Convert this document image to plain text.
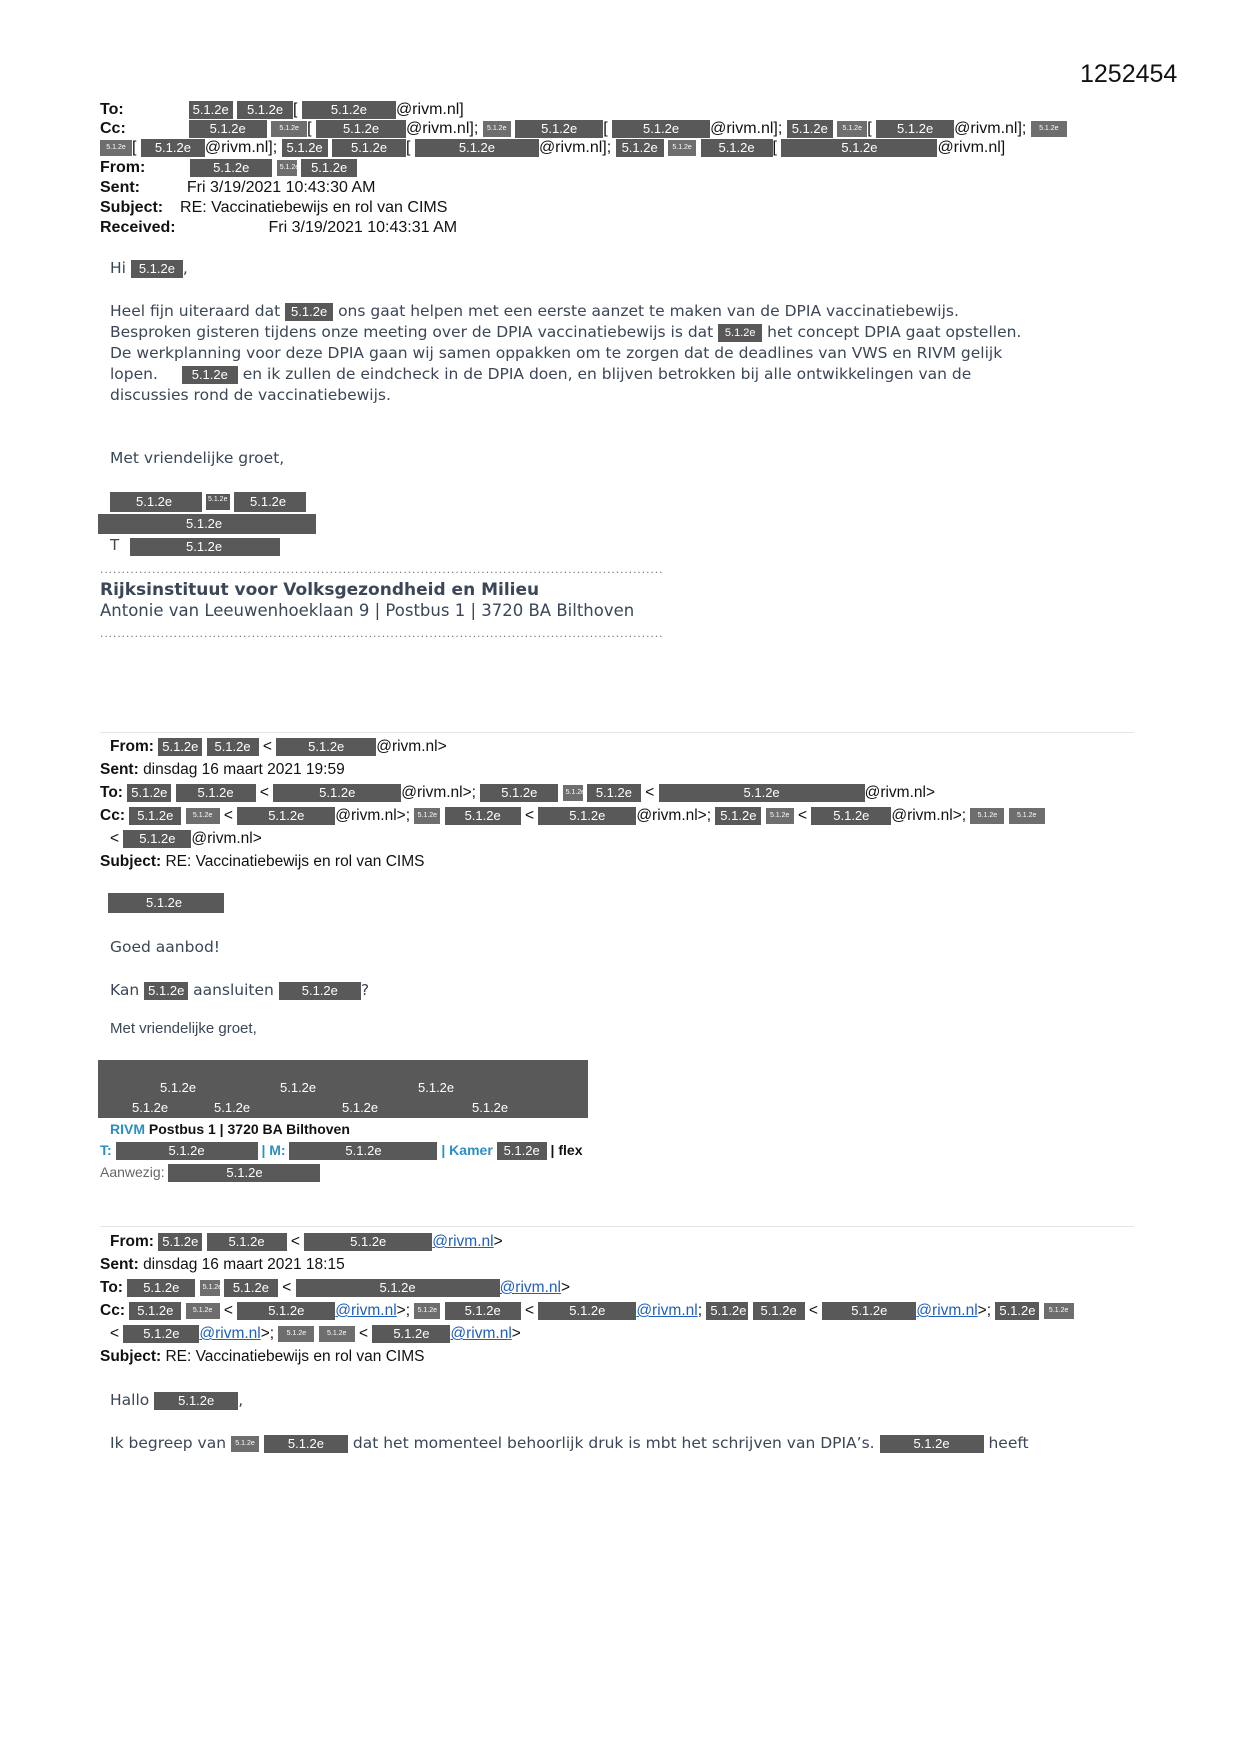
1252454
To:	5.1.2e 5.1.2e [ 5.1.2e @rivm.nl]
Cc:	5.1.2e	5.1.2e [ 5.1.2e @rivm.nl]; 5.1.2e	5.1.2e [ 5.1.2e @rivm.nl]; 5.1.2e 5.1.2e [ 5.1.2e @rivm.nl]; 5.1.2e
5.1.2e [ 5.1.2e @rivm.nl]; 5.1.2e 5.1.2e [	5.1.2e	@rivm.nl]; 5.1.2e 5.1.2e 5.1.2e [	5.1.2e	@rivm.nl]
From:	5.1.2e	5.1.2e 5.1.2e
Sent:	Fri 3/19/2021 10:43:30 AM
Subject: RE: Vaccinatiebewijs en rol van CIMS
Received:	Fri 3/19/2021 10:43:31 AM
Hi 5.1.2e ,
Heel fijn uiteraard dat 5.1.2e ons gaat helpen met een eerste aanzet te maken van de DPIA vaccinatiebewijs.
Besproken gisteren tijdens onze meeting over de DPIA vaccinatiebewijs is dat 5.1.2e het concept DPIA gaat opstellen.
De werkplanning voor deze DPIA gaan wij samen oppakken om te zorgen dat de deadlines van VWS en RIVM gelijk
lopen.	5.1.2e en ik zullen de eindcheck in de DPIA doen, en blijven betrokken bij alle ontwikkelingen van de
discussies rond de vaccinatiebewijs.
Met vriendelijke groet,
5.1.2e	5.1.2e 5.1.2e
5.1.2e
T	5.1.2e
..................................................................................................................................
Rijksinstituut voor Volksgezondheid en Milieu
Antonie van Leeuwenhoeklaan 9 | Postbus 1 | 3720 BA Bilthoven
..................................................................................................................................
From: 5.1.2e 5.1.2e < 5.1.2e @rivm.nl>
Sent: dinsdag 16 maart 2021 19:59
To: 5.1.2e 5.1.2e <	5.1.2e	@rivm.nl>; 5.1.2e	5.1.2e 5.1.2e <	5.1.2e	@rivm.nl>
Cc: 5.1.2e	5.1.2e < 5.1.2e @rivm.nl>; 5.1.2e 5.1.2e < 5.1.2e @rivm.nl>; 5.1.2e 5.1.2e < 5.1.2e @rivm.nl>; 5.1.2e	5.1.2e
< 5.1.2e @rivm.nl>
Subject: RE: Vaccinatiebewijs en rol van CIMS
5.1.2e
Goed aanbod!
Kan 5.1.2e aansluiten 5.1.2e ?
Met vriendelijke groet,
5.1.2e	5.1.2e	5.1.2e
5.1.2e	5.1.2e	5.1.2e	5.1.2e
RIVM Postbus 1 | 3720 BA Bilthoven
T:	5.1.2e	| M:	5.1.2e	| Kamer 5.1.2e | flex
Aanwezig:	5.1.2e
From: 5.1.2e 5.1.2e <	5.1.2e	@rivm.nl>
Sent: dinsdag 16 maart 2021 18:15
To: 5.1.2e	5.1.2e 5.1.2e <	5.1.2e	@rivm.nl>
Cc: 5.1.2e	5.1.2e < 5.1.2e @rivm.nl>; 5.1.2e 5.1.2e < 5.1.2e @rivm.nl; 5.1.2e 5.1.2e < 5.1.2e @rivm.nl>; 5.1.2e 5.1.2e
< 5.1.2e @rivm.nl>; 5.1.2e	5.1.2e < 5.1.2e @rivm.nl>
Subject: RE: Vaccinatiebewijs en rol van CIMS
Hallo 5.1.2e ,
Ik begreep van 5.1.2e	5.1.2e dat het momenteel behoorlijk druk is mbt het schrijven van DPIA’s.	5.1.2e	heeft
